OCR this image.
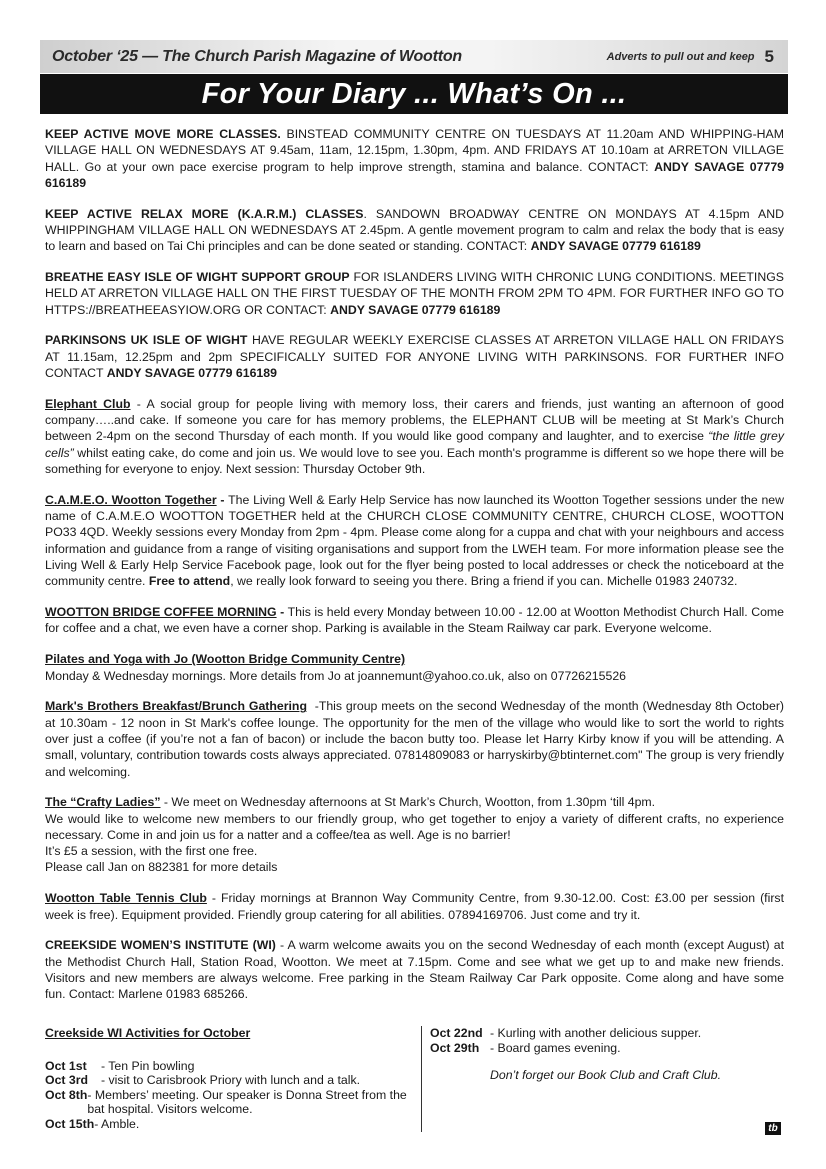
October ‘25 — The Church Parish Magazine of Wootton	Adverts to pull out and keep 5
For Your Diary ... What’s On ...

KEEP ACTIVE MOVE MORE CLASSES. BINSTEAD COMMUNITY CENTRE ON TUESDAYS AT 11.20am AND WHIPPING-HAM VILLAGE HALL ON WEDNESDAYS AT 9.45am, 11am, 12.15pm, 1.30pm, 4pm. AND FRIDAYS AT 10.10am at ARRETON VILLAGE HALL. Go at your own pace exercise program to help improve strength, stamina and balance. CONTACT: ANDY SAVAGE 07779 616189

KEEP ACTIVE RELAX MORE (K.A.R.M.) CLASSES. SANDOWN BROADWAY CENTRE ON MONDAYS AT 4.15pm AND WHIPPINGHAM VILLAGE HALL ON WEDNESDAYS AT 2.45pm. A gentle movement program to calm and relax the body that is easy to learn and based on Tai Chi principles and can be done seated or standing. CONTACT: ANDY SAVAGE 07779 616189

BREATHE EASY ISLE OF WIGHT SUPPORT GROUP FOR ISLANDERS LIVING WITH CHRONIC LUNG CONDITIONS. MEETINGS HELD AT ARRETON VILLAGE HALL ON THE FIRST TUESDAY OF THE MONTH FROM 2PM TO 4PM. FOR FURTHER INFO GO TO HTTPS://BREATHEEASYIOW.ORG OR CONTACT: ANDY SAVAGE 07779 616189

PARKINSONS UK ISLE OF WIGHT HAVE REGULAR WEEKLY EXERCISE CLASSES AT ARRETON VILLAGE HALL ON FRIDAYS AT 11.15am, 12.25pm and 2pm SPECIFICALLY SUITED FOR ANYONE LIVING WITH PARKINSONS. FOR FURTHER INFO CONTACT ANDY SAVAGE 07779 616189

Elephant Club - A social group for people living with memory loss, their carers and friends, just wanting an afternoon of good company…..and cake. If someone you care for has memory problems, the ELEPHANT CLUB will be meeting at St Mark’s Church between 2-4pm on the second Thursday of each month. If you would like good company and laughter, and to exercise “the little grey cells” whilst eating cake, do come and join us. We would love to see you. Each month's programme is different so we hope there will be something for everyone to enjoy. Next session: Thursday October 9th.

C.A.M.E.O. Wootton Together - The Living Well & Early Help Service has now launched its Wootton Together sessions under the new name of C.A.M.E.O WOOTTON TOGETHER held at the CHURCH CLOSE COMMUNITY CENTRE, CHURCH CLOSE, WOOTTON PO33 4QD. Weekly sessions every Monday from 2pm - 4pm. Please come along for a cuppa and chat with your neighbours and access information and guidance from a range of visiting organisations and support from the LWEH team. For more information please see the Living Well & Early Help Service Facebook page, look out for the flyer being posted to local addresses or check the noticeboard at the community centre. Free to attend, we really look forward to seeing you there. Bring a friend if you can. Michelle 01983 240732.

WOOTTON BRIDGE COFFEE MORNING - This is held every Monday between 10.00 - 12.00 at Wootton Methodist Church Hall. Come for coffee and a chat, we even have a corner shop. Parking is available in the Steam Railway car park. Everyone welcome.

Pilates and Yoga with Jo (Wootton Bridge Community Centre)
Monday & Wednesday mornings. More details from Jo at joannemunt@yahoo.co.uk, also on 07726215526

Mark's Brothers Breakfast/Brunch Gathering  -This group meets on the second Wednesday of the month (Wednesday 8th October) at 10.30am - 12 noon in St Mark's coffee lounge. The opportunity for the men of the village who would like to sort the world to rights over just a coffee (if you’re not a fan of bacon) or include the bacon butty too. Please let Harry Kirby know if you will be attending. A small, voluntary, contribution towards costs always appreciated. 07814809083 or harryskirby@btinternet.com" The group is very friendly and welcoming.

The “Crafty Ladies” - We meet on Wednesday afternoons at St Mark’s Church, Wootton, from 1.30pm ‘till 4pm.
We would like to welcome new members to our friendly group, who get together to enjoy a variety of different crafts, no experience necessary. Come in and join us for a natter and a coffee/tea as well. Age is no barrier!
It’s £5 a session, with the first one free.
Please call Jan on 882381 for more details

Wootton Table Tennis Club - Friday mornings at Brannon Way Community Centre, from 9.30-12.00. Cost: £3.00 per session (first week is free). Equipment provided. Friendly group catering for all abilities. 07894169706. Just come and try it.

CREEKSIDE WOMEN’S INSTITUTE (WI) - A warm welcome awaits you on the second Wednesday of each month (except August) at the Methodist Church Hall, Station Road, Wootton. We meet at 7.15pm. Come and see what we get up to and make new friends. Visitors and new members are always welcome. Free parking in the Steam Railway Car Park opposite. Come along and have some fun. Contact: Marlene 01983 685266.

Creekside WI Activities for October
Oct 1st	- Ten Pin bowling
Oct 3rd	- visit to Carisbrook Priory with lunch and a talk.
Oct 8th - Members’ meeting. Our speaker is Donna Street from the bat hospital. Visitors welcome.
Oct 15th - Amble.
Oct 22nd - Kurling with another delicious supper.
Oct 29th - Board games evening.
Don’t forget our Book Club and Craft Club.
tb
